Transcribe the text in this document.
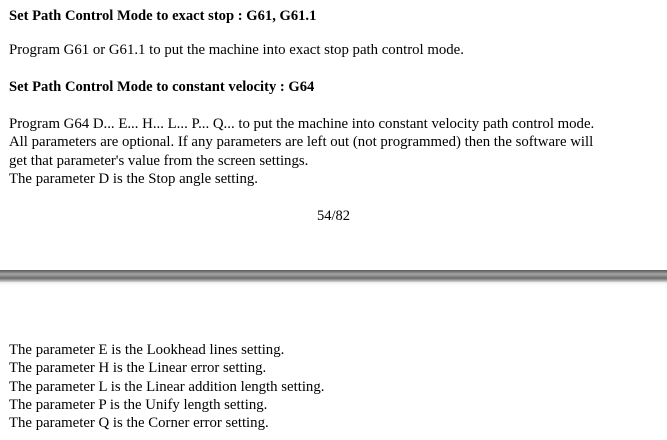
Set Path Control Mode to exact stop : G61, G61.1

Program G61 or G61.1 to put the machine into exact stop path control mode.

Set Path Control Mode to constant velocity : G64

Program G64 D... E... H... L... P... Q... to put the machine into constant velocity path control mode.
All parameters are optional. If any parameters are left out (not programmed) then the software will
get that parameter's value from the screen settings.
The parameter D is the Stop angle setting.

54/82

The parameter E is the Lookhead lines setting.
The parameter H is the Linear error setting.
The parameter L is the Linear addition length setting.
The parameter P is the Unify length setting.
The parameter Q is the Corner error setting.
